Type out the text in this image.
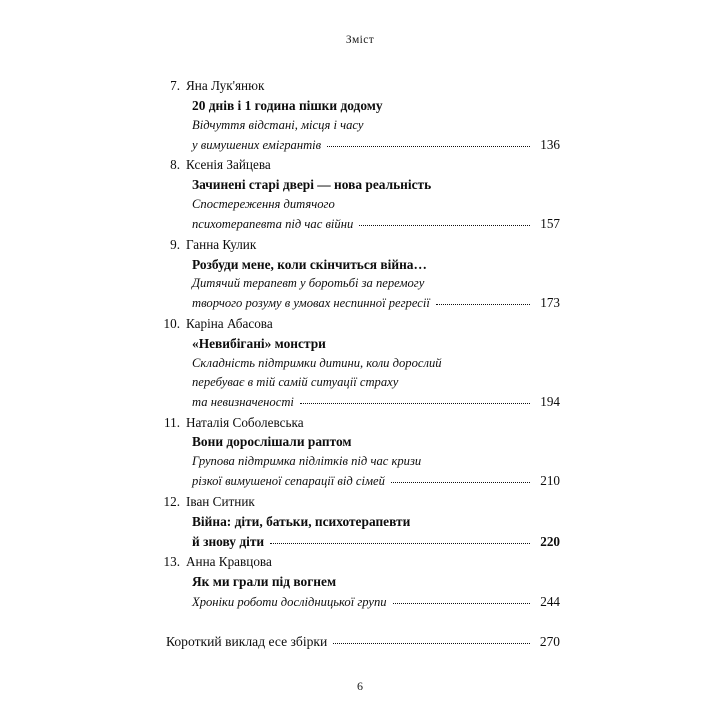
Зміст
7. Яна Лук'янюк
20 днів і 1 година пішки додому
Відчуття відстані, місця і часу
у вимушених емігрантів	136
8. Ксенія Зайцева
Зачинені старі двері — нова реальність
Спостереження дитячого
психотерапевта під час війни	157
9. Ганна Кулик
Розбуди мене, коли скінчиться війна…
Дитячий терапевт у боротьбі за перемогу
творчого розуму в умовах неспинної регресії	173
10. Каріна Абасова
«Невибігані» монстри
Складність підтримки дитини, коли дорослий
перебуває в тій самій ситуації страху
та невизначеності	194
11. Наталія Соболевська
Вони дорослішали раптом
Групова підтримка підлітків під час кризи
різкої вимушеної сепарації від сімей	210
12. Іван Ситник
Війна: діти, батьки, психотерапевти
й знову діти	220
13. Анна Кравцова
Як ми грали під вогнем
Хроніки роботи дослідницької групи	244
Короткий виклад есе збірки	270
6
